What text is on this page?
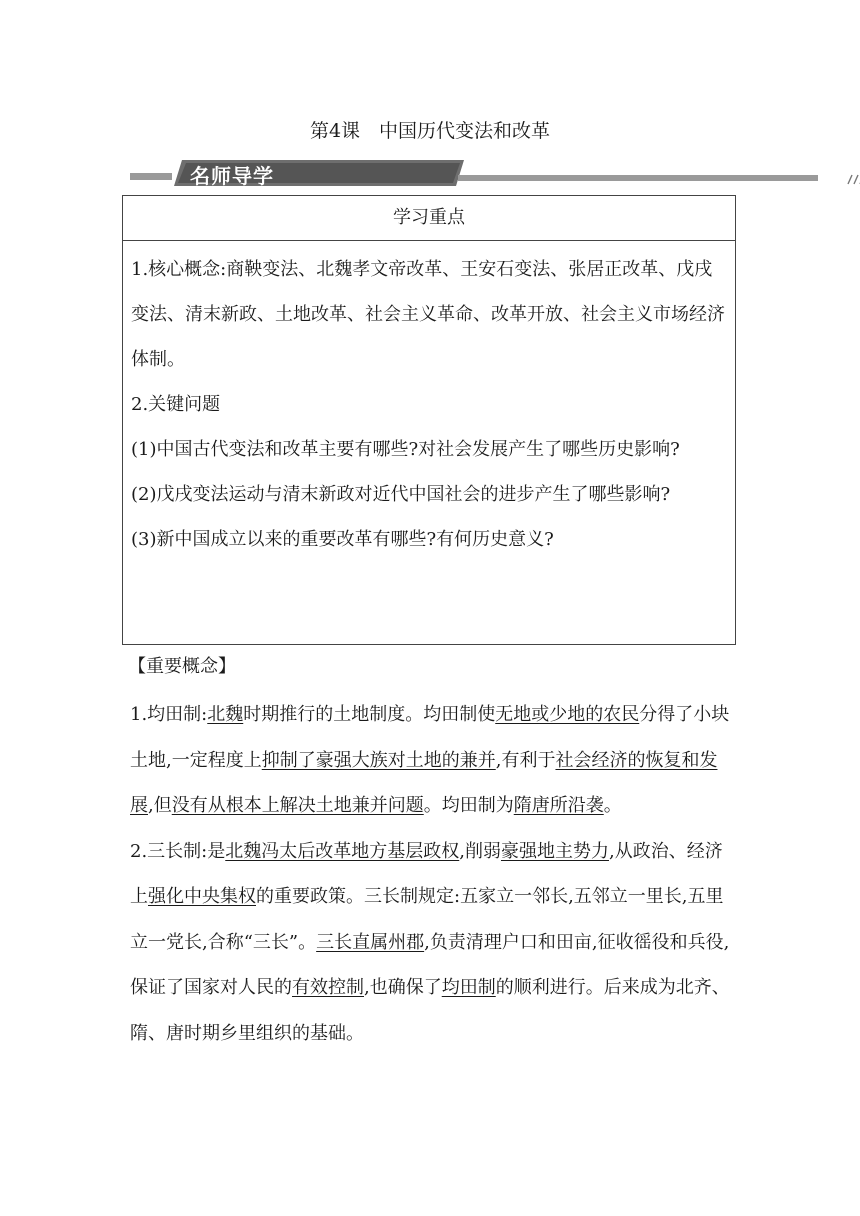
第4课　中国历代变法和改革
名师导学
学习重点

1.核心概念:商鞅变法、北魏孝文帝改革、王安石变法、张居正改革、戊戌变法、清末新政、土地改革、社会主义革命、改革开放、社会主义市场经济体制。

2.关键问题

(1)中国古代变法和改革主要有哪些?对社会发展产生了哪些历史影响?

(2)戊戌变法运动与清末新政对近代中国社会的进步产生了哪些影响?

(3)新中国成立以来的重要改革有哪些?有何历史意义?

【重要概念】

1.均田制:北魏时期推行的土地制度。均田制使无地或少地的农民分得了小块土地,一定程度上抑制了豪强大族对土地的兼并,有利于社会经济的恢复和发展,但没有从根本上解决土地兼并问题。均田制为隋唐所沿袭。

2.三长制:是北魏冯太后改革地方基层政权,削弱豪强地主势力,从政治、经济上强化中央集权的重要政策。三长制规定:五家立一邻长,五邻立一里长,五里立一党长,合称“三长”。三长直属州郡,负责清理户口和田亩,征收徭役和兵役,保证了国家对人民的有效控制,也确保了均田制的顺利进行。后来成为北齐、隋、唐时期乡里组织的基础。
